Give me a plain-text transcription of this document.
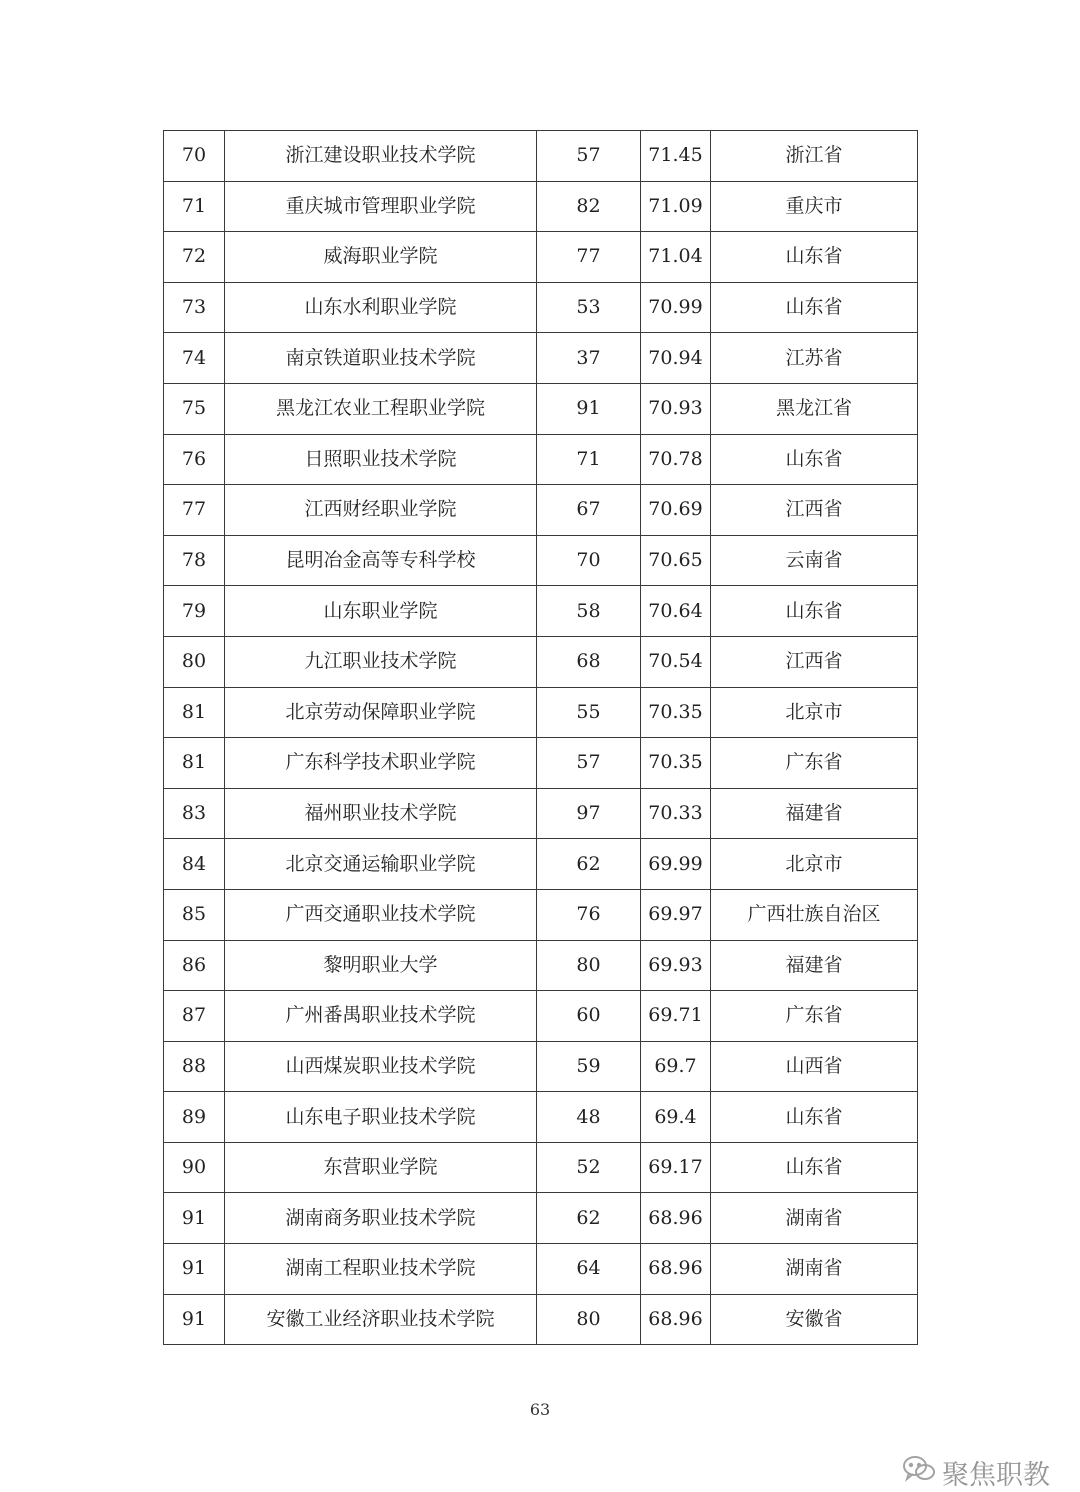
70	浙江建设职业技术学院	57	71.45	浙江省
71	重庆城市管理职业学院	82	71.09	重庆市
72	威海职业学院	77	71.04	山东省
73	山东水利职业学院	53	70.99	山东省
74	南京铁道职业技术学院	37	70.94	江苏省
75	黑龙江农业工程职业学院	91	70.93	黑龙江省
76	日照职业技术学院	71	70.78	山东省
77	江西财经职业学院	67	70.69	江西省
78	昆明冶金高等专科学校	70	70.65	云南省
79	山东职业学院	58	70.64	山东省
80	九江职业技术学院	68	70.54	江西省
81	北京劳动保障职业学院	55	70.35	北京市
81	广东科学技术职业学院	57	70.35	广东省
83	福州职业技术学院	97	70.33	福建省
84	北京交通运输职业学院	62	69.99	北京市
85	广西交通职业技术学院	76	69.97	广西壮族自治区
86	黎明职业大学	80	69.93	福建省
87	广州番禺职业技术学院	60	69.71	广东省
88	山西煤炭职业技术学院	59	69.7	山西省
89	山东电子职业技术学院	48	69.4	山东省
90	东营职业学院	52	69.17	山东省
91	湖南商务职业技术学院	62	68.96	湖南省
91	湖南工程职业技术学院	64	68.96	湖南省
91	安徽工业经济职业技术学院	80	68.96	安徽省
63
聚焦职教
